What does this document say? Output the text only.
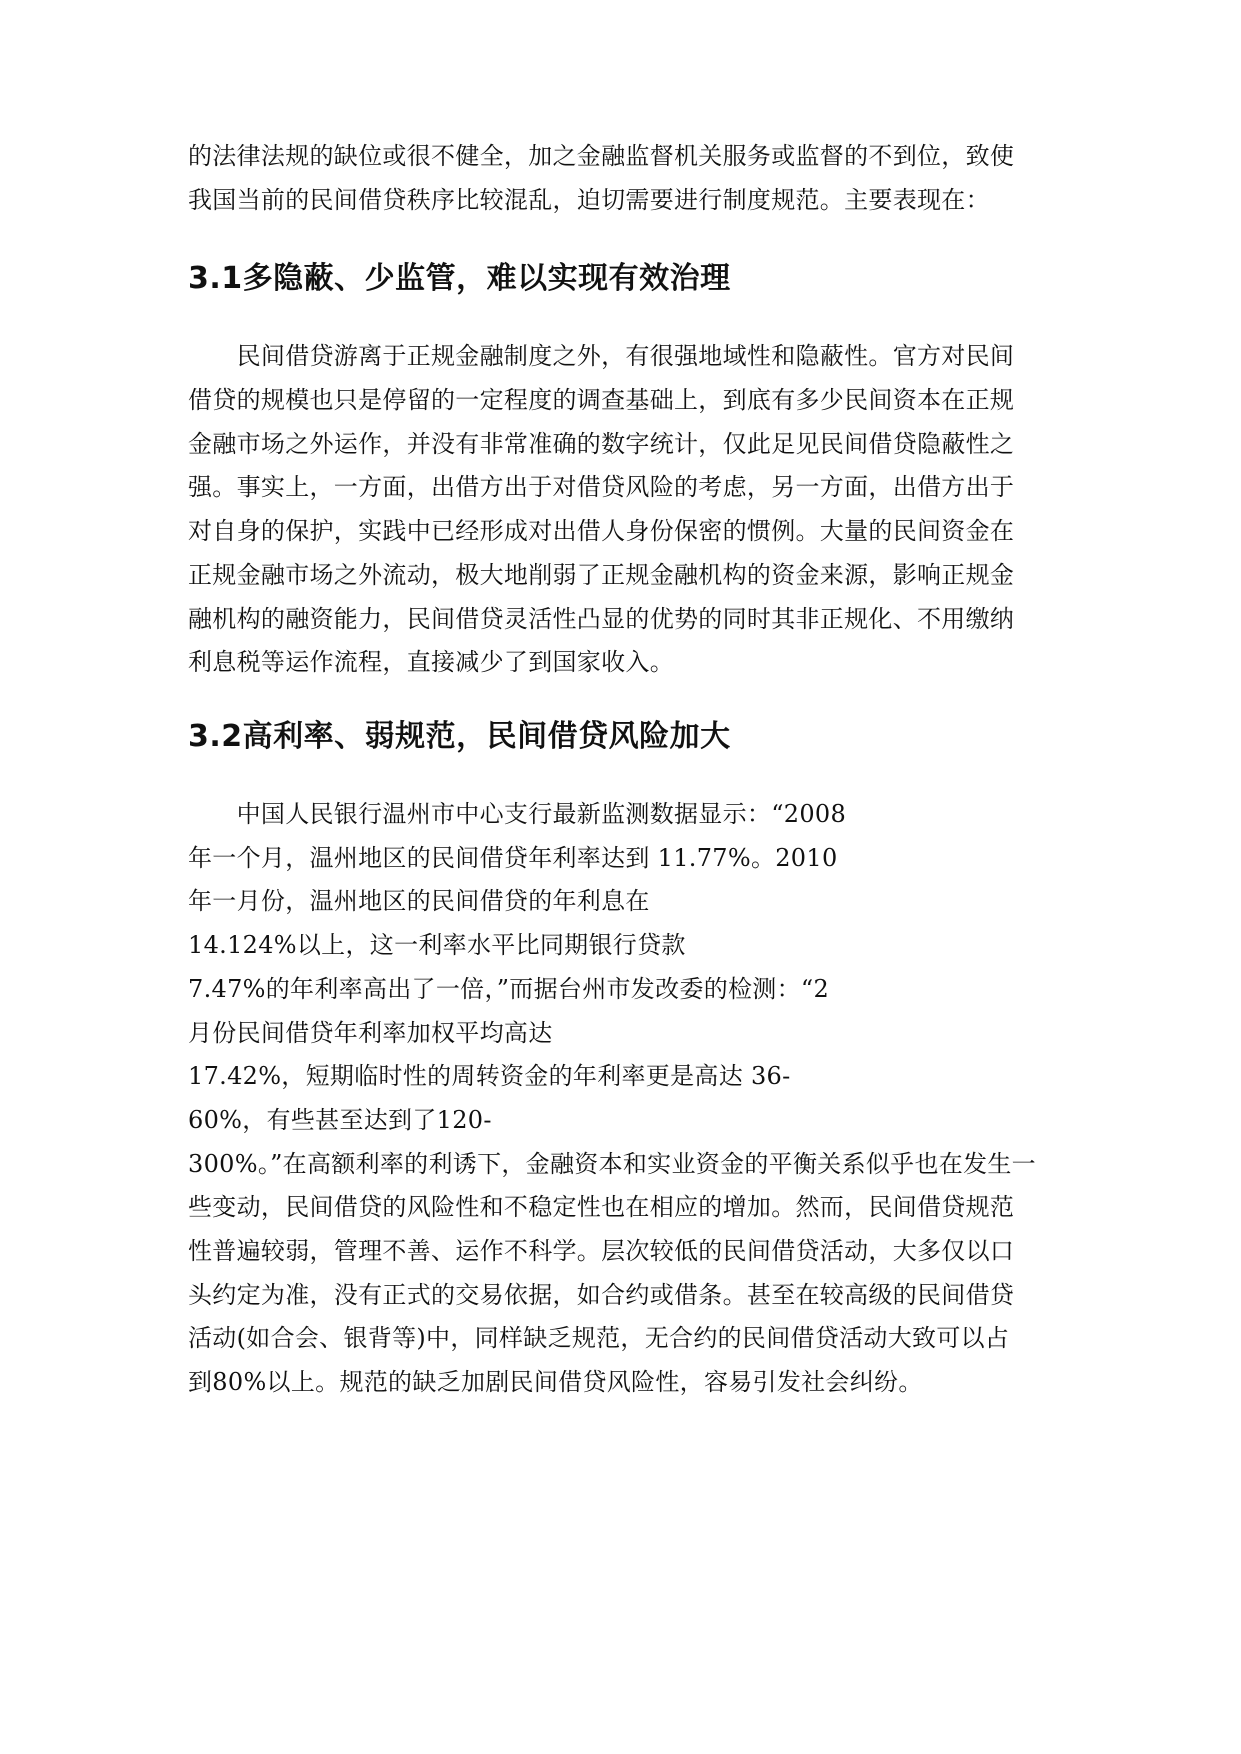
的法律法规的缺位或很不健全，加之金融监督机关服务或监督的不到位，致使
我国当前的民间借贷秩序比较混乱，迫切需要进行制度规范。主要表现在：
3.1多隐蔽、少监管，难以实现有效治理
　　民间借贷游离于正规金融制度之外，有很强地域性和隐蔽性。官方对民间
借贷的规模也只是停留的一定程度的调查基础上，到底有多少民间资本在正规
金融市场之外运作，并没有非常准确的数字统计，仅此足见民间借贷隐蔽性之
强。事实上，一方面，出借方出于对借贷风险的考虑，另一方面，出借方出于
对自身的保护，实践中已经形成对出借人身份保密的惯例。大量的民间资金在
正规金融市场之外流动，极大地削弱了正规金融机构的资金来源，影响正规金
融机构的融资能力，民间借贷灵活性凸显的优势的同时其非正规化、不用缴纳
利息税等运作流程，直接减少了到国家收入。
3.2高利率、弱规范，民间借贷风险加大
　　中国人民银行温州市中心支行最新监测数据显示：“2008
年一个月，温州地区的民间借贷年利率达到 11.77%。2010
年一月份，温州地区的民间借贷的年利息在
14.124%以上，这一利率水平比同期银行贷款
7.47%的年利率高出了一倍，”而据台州市发改委的检测：“2
月份民间借贷年利率加权平均高达
17.42%，短期临时性的周转资金的年利率更是高达 36-
60%，有些甚至达到了120-
300%。”在高额利率的利诱下，金融资本和实业资金的平衡关系似乎也在发生一
些变动，民间借贷的风险性和不稳定性也在相应的增加。然而，民间借贷规范
性普遍较弱，管理不善、运作不科学。层次较低的民间借贷活动，大多仅以口
头约定为准，没有正式的交易依据，如合约或借条。甚至在较高级的民间借贷
活动(如合会、银背等)中，同样缺乏规范，无合约的民间借贷活动大致可以占
到80%以上。规范的缺乏加剧民间借贷风险性，容易引发社会纠纷。
